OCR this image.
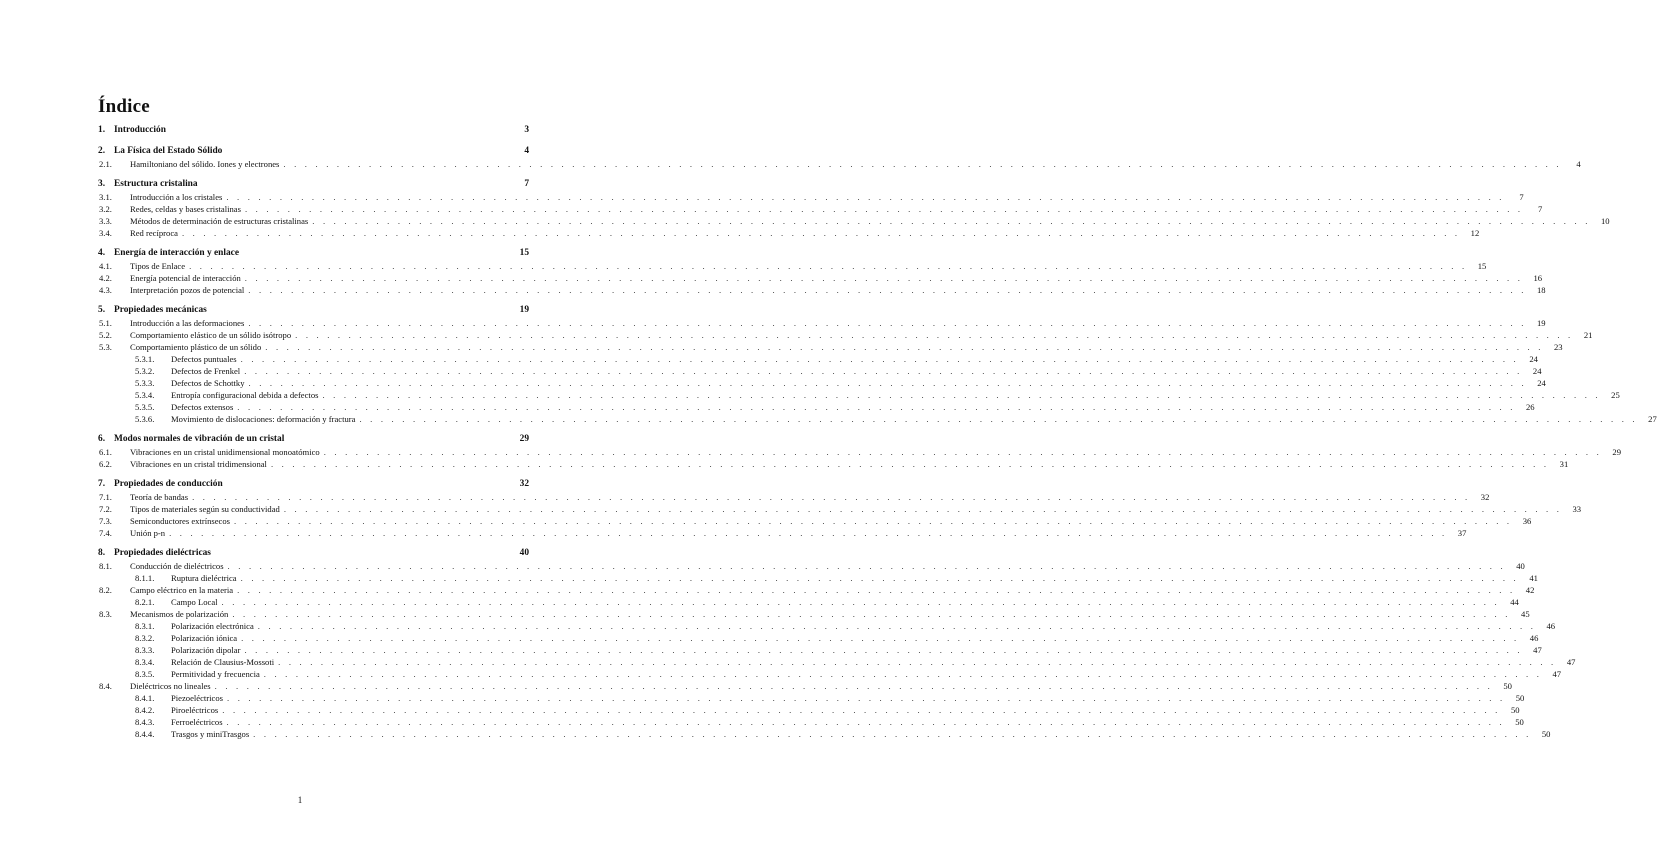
Índice
1. Introducción	3
2. La Física del Estado Sólido	4
2.1.	Hamiltoniano del sólido. Iones y electrones . . . . . . . . . . . . . . . . . . . . . . . . . . . . . . . . . . . . . . . . . . . . . . . . . . . . . . . . . . . . . . . . . . . . . . . . . . . . . . . . . . . . . . . . . . . . . . . . . . . . . . . . . . . . . . . . . . . . . . . .	4
3. Estructura cristalina	7
3.1.	Introducción a los cristales . . . . . . . . . . . . . . . . . . . . . . . . . . . . . . . . . . . . . . . . . . . . . . . . . . . . . . . . . . . . . . . . . . . . . . . . . . . . . . . . . . . . . . . . . . . . . . . . . . . . . . . . . . . . . . . . . . . . . . . .	7
3.2.	Redes, celdas y bases cristalinas . . . . . . . . . . . . . . . . . . . . . . . . . . . . . . . . . . . . . . . . . . . . . . . . . . . . . . . . . . . . . . . . . . . . . . . . . . . . . . . . . . . . . . . . . . . . . . . . . . . . . . . . . . . . . . . . . . . . . . . .	7
3.3.	Métodos de determinación de estructuras cristalinas . . . . . . . . . . . . . . . . . . . . . . . . . . . . . . . . . . . . . . . . . . . . . . . . . . . . . . . . . . . . . . . . . . . . . . . . . . . . . . . . . . . . . . . . . . . . . . . . . . . . . . . . . . . . . . . . . . . . . . . .	10
3.4.	Red recíproca . . . . . . . . . . . . . . . . . . . . . . . . . . . . . . . . . . . . . . . . . . . . . . . . . . . . . . . . . . . . . . . . . . . . . . . . . . . . . . . . . . . . . . . . . . . . . . . . . . . . . . . . . . . . . . . . . . . . . . . .	12
4. Energía de interacción y enlace	15
4.1.	Tipos de Enlace . . . . . . . . . . . . . . . . . . . . . . . . . . . . . . . . . . . . . . . . . . . . . . . . . . . . . . . . . . . . . . . . . . . . . . . . . . . . . . . . . . . . . . . . . . . . . . . . . . . . . . . . . . . . . . . . . . . . . . . .	15
4.2.	Energía potencial de interacción . . . . . . . . . . . . . . . . . . . . . . . . . . . . . . . . . . . . . . . . . . . . . . . . . . . . . . . . . . . . . . . . . . . . . . . . . . . . . . . . . . . . . . . . . . . . . . . . . . . . . . . . . . . . . . . . . . . . . . . .	16
4.3.	Interpretación pozos de potencial . . . . . . . . . . . . . . . . . . . . . . . . . . . . . . . . . . . . . . . . . . . . . . . . . . . . . . . . . . . . . . . . . . . . . . . . . . . . . . . . . . . . . . . . . . . . . . . . . . . . . . . . . . . . . . . . . . . . . . . .	18
5. Propiedades mecánicas	19
5.1.	Introducción a las deformaciones . . . . . . . . . . . . . . . . . . . . . . . . . . . . . . . . . . . . . . . . . . . . . . . . . . . . . . . . . . . . . . . . . . . . . . . . . . . . . . . . . . . . . . . . . . . . . . . . . . . . . . . . . . . . . . . . . . . . . . . .	19
5.2.	Comportamiento elástico de un sólido isótropo . . . . . . . . . . . . . . . . . . . . . . . . . . . . . . . . . . . . . . . . . . . . . . . . . . . . . . . . . . . . . . . . . . . . . . . . . . . . . . . . . . . . . . . . . . . . . . . . . . . . . . . . . . . . . . . . . . . . . . . .	21
5.3.	Comportamiento plástico de un sólido . . . . . . . . . . . . . . . . . . . . . . . . . . . . . . . . . . . . . . . . . . . . . . . . . . . . . . . . . . . . . . . . . . . . . . . . . . . . . . . . . . . . . . . . . . . . . . . . . . . . . . . . . . . . . . . . . . . . . . . .	23
5.3.1.	Defectos puntuales . . . . . . . . . . . . . . . . . . . . . . . . . . . . . . . . . . . . . . . . . . . . . . . . . . . . . . . . . . . . . . . . . . . . . . . . . . . . . . . . . . . . . . . . . . . . . . . . . . . . . . . . . . . . . . . . . . . . . . . .	24
5.3.2.	Defectos de Frenkel . . . . . . . . . . . . . . . . . . . . . . . . . . . . . . . . . . . . . . . . . . . . . . . . . . . . . . . . . . . . . . . . . . . . . . . . . . . . . . . . . . . . . . . . . . . . . . . . . . . . . . . . . . . . . . . . . . . . . . . .	24
5.3.3.	Defectos de Schottky . . . . . . . . . . . . . . . . . . . . . . . . . . . . . . . . . . . . . . . . . . . . . . . . . . . . . . . . . . . . . . . . . . . . . . . . . . . . . . . . . . . . . . . . . . . . . . . . . . . . . . . . . . . . . . . . . . . . . . . .	24
5.3.4.	Entropía configuracional debida a defectos . . . . . . . . . . . . . . . . . . . . . . . . . . . . . . . . . . . . . . . . . . . . . . . . . . . . . . . . . . . . . . . . . . . . . . . . . . . . . . . . . . . . . . . . . . . . . . . . . . . . . . . . . . . . . . . . . . . . . . . .	25
5.3.5.	Defectos extensos . . . . . . . . . . . . . . . . . . . . . . . . . . . . . . . . . . . . . . . . . . . . . . . . . . . . . . . . . . . . . . . . . . . . . . . . . . . . . . . . . . . . . . . . . . . . . . . . . . . . . . . . . . . . . . . . . . . . . . . .	26
5.3.6.	Movimiento de dislocaciones: deformación y fractura . . . . . . . . . . . . . . . . . . . . . . . . . . . . . . . . . . . . . . . . . . . . . . . . . . . . . . . . . . . . . . . . . . . . . . . . . . . . . . . . . . . . . . . . . . . . . . . . . . . . . . . . . . . . . . . . . . . . . . . .	27
6. Modos normales de vibración de un cristal	29
6.1.	Vibraciones en un cristal unidimensional monoatómico . . . . . . . . . . . . . . . . . . . . . . . . . . . . . . . . . . . . . . . . . . . . . . . . . . . . . . . . . . . . . . . . . . . . . . . . . . . . . . . . . . . . . . . . . . . . . . . . . . . . . . . . . . . . . . . . . . . . . . . .	29
6.2.	Vibraciones en un cristal tridimensional . . . . . . . . . . . . . . . . . . . . . . . . . . . . . . . . . . . . . . . . . . . . . . . . . . . . . . . . . . . . . . . . . . . . . . . . . . . . . . . . . . . . . . . . . . . . . . . . . . . . . . . . . . . . . . . . . . . . . . . .	31
7. Propiedades de conducción	32
7.1.	Teoría de bandas . . . . . . . . . . . . . . . . . . . . . . . . . . . . . . . . . . . . . . . . . . . . . . . . . . . . . . . . . . . . . . . . . . . . . . . . . . . . . . . . . . . . . . . . . . . . . . . . . . . . . . . . . . . . . . . . . . . . . . . .	32
7.2.	Tipos de materiales según su conductividad . . . . . . . . . . . . . . . . . . . . . . . . . . . . . . . . . . . . . . . . . . . . . . . . . . . . . . . . . . . . . . . . . . . . . . . . . . . . . . . . . . . . . . . . . . . . . . . . . . . . . . . . . . . . . . . . . . . . . . . .	33
7.3.	Semiconductores extrínsecos . . . . . . . . . . . . . . . . . . . . . . . . . . . . . . . . . . . . . . . . . . . . . . . . . . . . . . . . . . . . . . . . . . . . . . . . . . . . . . . . . . . . . . . . . . . . . . . . . . . . . . . . . . . . . . . . . . . . . . . .	36
7.4.	Unión p-n . . . . . . . . . . . . . . . . . . . . . . . . . . . . . . . . . . . . . . . . . . . . . . . . . . . . . . . . . . . . . . . . . . . . . . . . . . . . . . . . . . . . . . . . . . . . . . . . . . . . . . . . . . . . . . . . . . . . . . . .	37
8. Propiedades dieléctricas	40
8.1.	Conducción de dieléctricos . . . . . . . . . . . . . . . . . . . . . . . . . . . . . . . . . . . . . . . . . . . . . . . . . . . . . . . . . . . . . . . . . . . . . . . . . . . . . . . . . . . . . . . . . . . . . . . . . . . . . . . . . . . . . . . . . . . . . . . .	40
8.1.1.	Ruptura dieléctrica . . . . . . . . . . . . . . . . . . . . . . . . . . . . . . . . . . . . . . . . . . . . . . . . . . . . . . . . . . . . . . . . . . . . . . . . . . . . . . . . . . . . . . . . . . . . . . . . . . . . . . . . . . . . . . . . . . . . . . . .	41
8.2.	Campo eléctrico en la materia . . . . . . . . . . . . . . . . . . . . . . . . . . . . . . . . . . . . . . . . . . . . . . . . . . . . . . . . . . . . . . . . . . . . . . . . . . . . . . . . . . . . . . . . . . . . . . . . . . . . . . . . . . . . . . . . . . . . . . . .	42
8.2.1.	Campo Local . . . . . . . . . . . . . . . . . . . . . . . . . . . . . . . . . . . . . . . . . . . . . . . . . . . . . . . . . . . . . . . . . . . . . . . . . . . . . . . . . . . . . . . . . . . . . . . . . . . . . . . . . . . . . . . . . . . . . . . .	44
8.3.	Mecanismos de polarización . . . . . . . . . . . . . . . . . . . . . . . . . . . . . . . . . . . . . . . . . . . . . . . . . . . . . . . . . . . . . . . . . . . . . . . . . . . . . . . . . . . . . . . . . . . . . . . . . . . . . . . . . . . . . . . . . . . . . . . .	45
8.3.1.	Polarización electrónica . . . . . . . . . . . . . . . . . . . . . . . . . . . . . . . . . . . . . . . . . . . . . . . . . . . . . . . . . . . . . . . . . . . . . . . . . . . . . . . . . . . . . . . . . . . . . . . . . . . . . . . . . . . . . . . . . . . . . . . .	46
8.3.2.	Polarización iónica . . . . . . . . . . . . . . . . . . . . . . . . . . . . . . . . . . . . . . . . . . . . . . . . . . . . . . . . . . . . . . . . . . . . . . . . . . . . . . . . . . . . . . . . . . . . . . . . . . . . . . . . . . . . . . . . . . . . . . . .	46
8.3.3.	Polarización dipolar . . . . . . . . . . . . . . . . . . . . . . . . . . . . . . . . . . . . . . . . . . . . . . . . . . . . . . . . . . . . . . . . . . . . . . . . . . . . . . . . . . . . . . . . . . . . . . . . . . . . . . . . . . . . . . . . . . . . . . . .	47
8.3.4.	Relación de Clausius-Mossoti . . . . . . . . . . . . . . . . . . . . . . . . . . . . . . . . . . . . . . . . . . . . . . . . . . . . . . . . . . . . . . . . . . . . . . . . . . . . . . . . . . . . . . . . . . . . . . . . . . . . . . . . . . . . . . . . . . . . . . . .	47
8.3.5.	Permitividad y frecuencia . . . . . . . . . . . . . . . . . . . . . . . . . . . . . . . . . . . . . . . . . . . . . . . . . . . . . . . . . . . . . . . . . . . . . . . . . . . . . . . . . . . . . . . . . . . . . . . . . . . . . . . . . . . . . . . . . . . . . . . .	47
8.4.	Dieléctricos no lineales . . . . . . . . . . . . . . . . . . . . . . . . . . . . . . . . . . . . . . . . . . . . . . . . . . . . . . . . . . . . . . . . . . . . . . . . . . . . . . . . . . . . . . . . . . . . . . . . . . . . . . . . . . . . . . . . . . . . . . . .	50
8.4.1.	Piezoeléctricos . . . . . . . . . . . . . . . . . . . . . . . . . . . . . . . . . . . . . . . . . . . . . . . . . . . . . . . . . . . . . . . . . . . . . . . . . . . . . . . . . . . . . . . . . . . . . . . . . . . . . . . . . . . . . . . . . . . . . . . .	50
8.4.2.	Piroeléctricos . . . . . . . . . . . . . . . . . . . . . . . . . . . . . . . . . . . . . . . . . . . . . . . . . . . . . . . . . . . . . . . . . . . . . . . . . . . . . . . . . . . . . . . . . . . . . . . . . . . . . . . . . . . . . . . . . . . . . . . .	50
8.4.3.	Ferroeléctricos . . . . . . . . . . . . . . . . . . . . . . . . . . . . . . . . . . . . . . . . . . . . . . . . . . . . . . . . . . . . . . . . . . . . . . . . . . . . . . . . . . . . . . . . . . . . . . . . . . . . . . . . . . . . . . . . . . . . . . . .	50
8.4.4.	Trasgos y miniTrasgos . . . . . . . . . . . . . . . . . . . . . . . . . . . . . . . . . . . . . . . . . . . . . . . . . . . . . . . . . . . . . . . . . . . . . . . . . . . . . . . . . . . . . . . . . . . . . . . . . . . . . . . . . . . . . . . . . . . . . . . .	50
1
